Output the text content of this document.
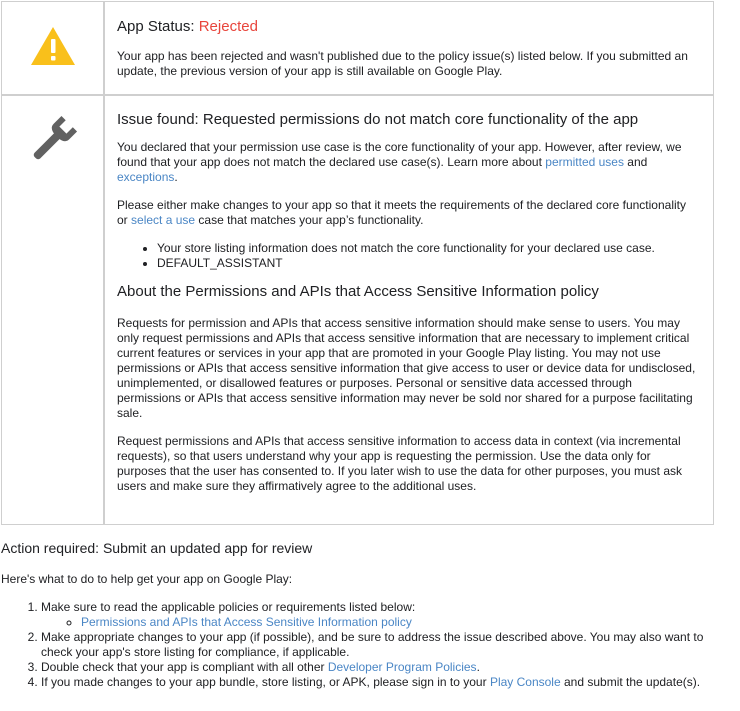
App Status: Rejected

Your app has been rejected and wasn't published due to the policy issue(s) listed below. If you submitted an update, the previous version of your app is still available on Google Play.

Issue found: Requested permissions do not match core functionality of the app

You declared that your permission use case is the core functionality of your app. However, after review, we found that your app does not match the declared use case(s). Learn more about permitted uses and exceptions.

Please either make changes to your app so that it meets the requirements of the declared core functionality or select a use case that matches your app’s functionality.

• Your store listing information does not match the core functionality for your declared use case.
• DEFAULT_ASSISTANT

About the Permissions and APIs that Access Sensitive Information policy

Requests for permission and APIs that access sensitive information should make sense to users. You may only request permissions and APIs that access sensitive information that are necessary to implement critical current features or services in your app that are promoted in your Google Play listing. You may not use permissions or APIs that access sensitive information that give access to user or device data for undisclosed, unimplemented, or disallowed features or purposes. Personal or sensitive data accessed through permissions or APIs that access sensitive information may never be sold nor shared for a purpose facilitating sale.

Request permissions and APIs that access sensitive information to access data in context (via incremental requests), so that users understand why your app is requesting the permission. Use the data only for purposes that the user has consented to. If you later wish to use the data for other purposes, you must ask users and make sure they affirmatively agree to the additional uses.

Action required: Submit an updated app for review

Here's what to do to help get your app on Google Play:

1. Make sure to read the applicable policies or requirements listed below:
◦ Permissions and APIs that Access Sensitive Information policy
2. Make appropriate changes to your app (if possible), and be sure to address the issue described above. You may also want to check your app's store listing for compliance, if applicable.
3. Double check that your app is compliant with all other Developer Program Policies.
4. If you made changes to your app bundle, store listing, or APK, please sign in to your Play Console and submit the update(s).
